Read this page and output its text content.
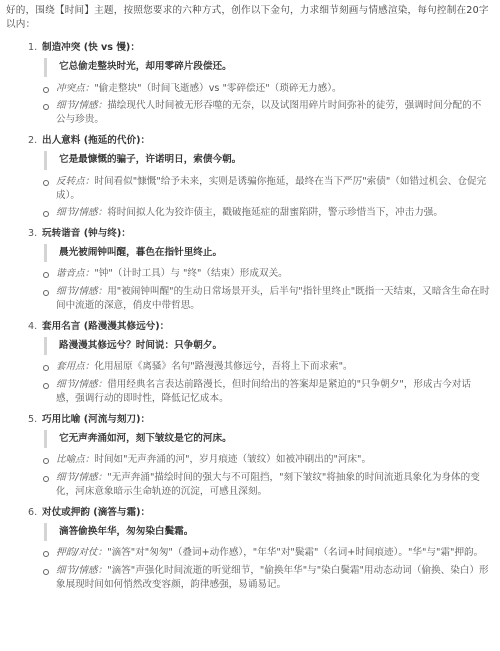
好的，围绕【时间】主题，按照您要求的六种方式，创作以下金句，力求细节刻画与情感渲染，每句控制在20字以内：

1. 制造冲突 (快 vs 慢)：
它总偷走整块时光，却用零碎片段偿还。
冲突点："偷走整块"（时间飞逝感）vs "零碎偿还"（琐碎无力感）。
细节/情感：描绘现代人时间被无形吞噬的无奈，以及试图用碎片时间弥补的徒劳，强调时间分配的不公与珍贵。
2. 出人意料 (拖延的代价)：
它是最慷慨的骗子，许诺明日，索债今朝。
反转点：时间看似"慷慨"给予未来，实则是诱骗你拖延，最终在当下严厉"索债"（如错过机会、仓促完成）。
细节/情感：将时间拟人化为狡诈债主，戳破拖延症的甜蜜陷阱，警示珍惜当下，冲击力强。
3. 玩转谐音 (钟与终)：
晨光被闹钟叫醒，暮色在指针里终止。
谐音点："钟"（计时工具）与 "终"（结束）形成双关。
细节/情感：用"被闹钟叫醒"的生动日常场景开头，后半句"指针里终止"既指一天结束，又暗含生命在时间中流逝的深意，俏皮中带哲思。
4. 套用名言 (路漫漫其修远兮)：
路漫漫其修远兮？时间说：只争朝夕。
套用点：化用屈原《离骚》名句"路漫漫其修远兮，吾将上下而求索"。
细节/情感：借用经典名言表达前路漫长，但时间给出的答案却是紧迫的"只争朝夕"，形成古今对话感，强调行动的即时性，降低记忆成本。
5. 巧用比喻 (河流与刻刀)：
它无声奔涌如河，刻下皱纹是它的河床。
比喻点：时间如"无声奔涌的河"，岁月痕迹（皱纹）如被冲刷出的"河床"。
细节/情感："无声奔涌"描绘时间的强大与不可阻挡，"刻下皱纹"将抽象的时间流逝具象化为身体的变化，河床意象暗示生命轨迹的沉淀，可感且深刻。
6. 对仗或押韵 (滴答与霜)：
滴答偷换年华，匆匆染白鬓霜。
押韵/对仗："滴答"对"匆匆"（叠词+动作感），"年华"对"鬓霜"（名词+时间痕迹）。"华"与"霜"押韵。
细节/情感："滴答"声强化时间流逝的听觉细节，"偷换年华"与"染白鬓霜"用动态动词（偷换、染白）形象展现时间如何悄然改变容颜，韵律感强，易诵易记。
